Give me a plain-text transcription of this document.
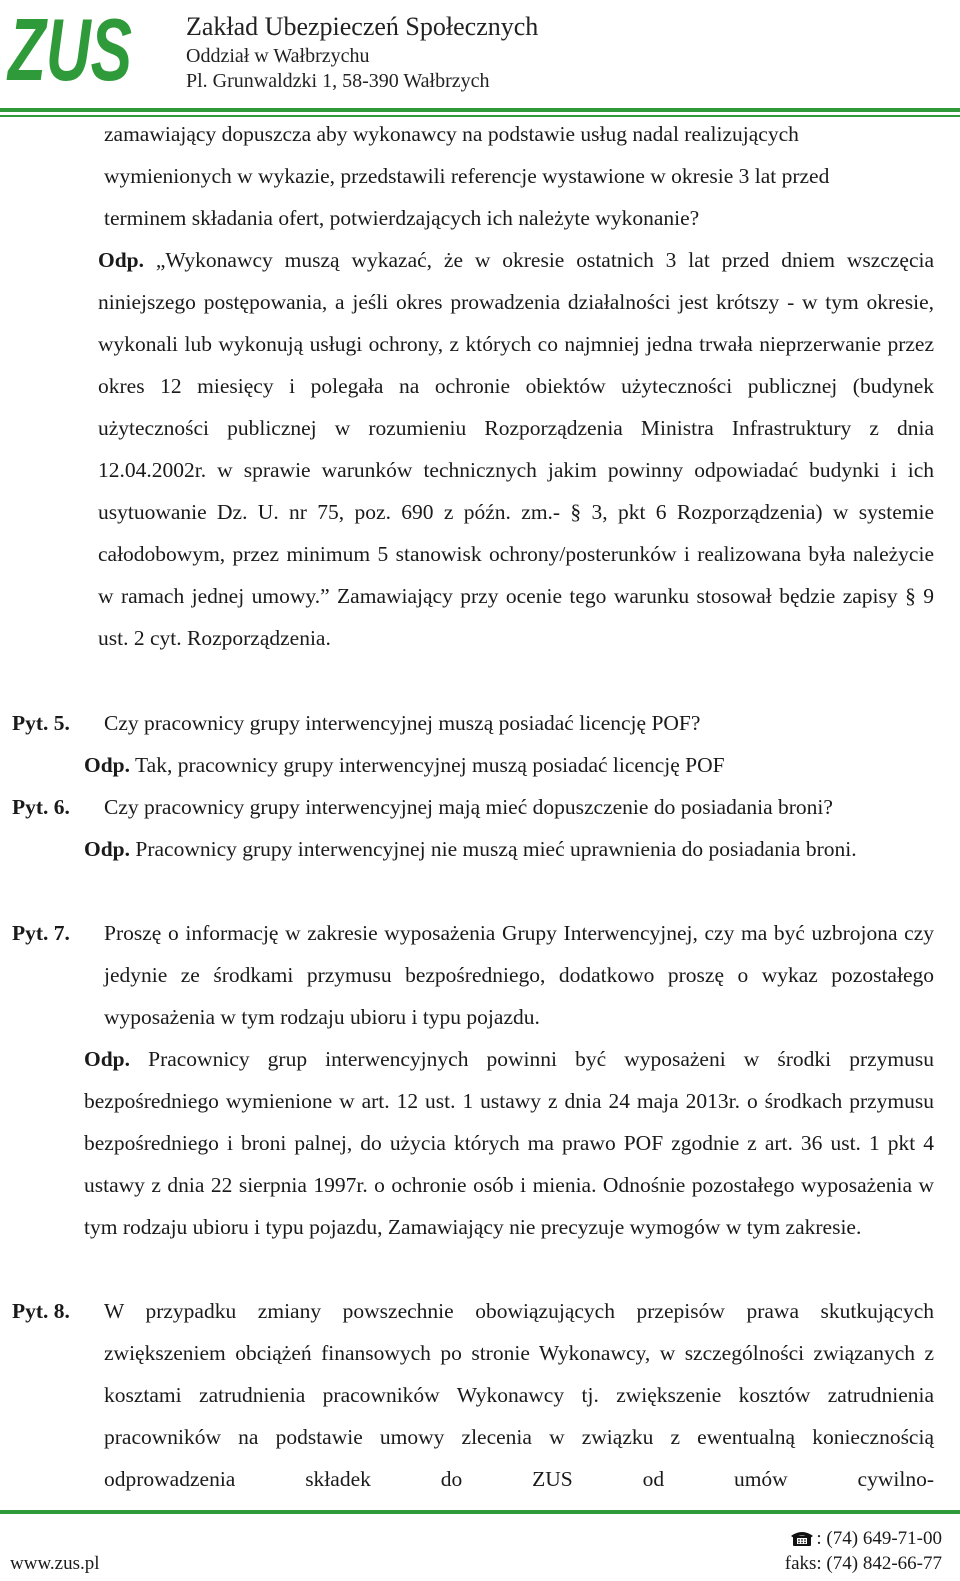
ZUS Zakład Ubezpieczeń Społecznych
Oddział w Wałbrzychu
Pl. Grunwaldzki 1, 58-390 Wałbrzych
zamawiający dopuszcza aby wykonawcy na podstawie usług nadal realizujących
wymienionych w wykazie, przedstawili referencje wystawione w okresie 3 lat przed
terminem składania ofert, potwierdzających ich należyte wykonanie?
Odp. „Wykonawcy muszą wykazać, że w okresie ostatnich 3 lat przed dniem wszczęcia niniejszego postępowania, a jeśli okres prowadzenia działalności jest krótszy - w tym okresie, wykonali lub wykonują usługi ochrony, z których co najmniej jedna trwała nieprzerwanie przez okres 12 miesięcy i polegała na ochronie obiektów użyteczności publicznej (budynek użyteczności publicznej w rozumieniu Rozporządzenia Ministra Infrastruktury z dnia 12.04.2002r. w sprawie warunków technicznych jakim powinny odpowiadać budynki i ich usytuowanie Dz. U. nr 75, poz. 690 z późn. zm.- § 3, pkt 6 Rozporządzenia) w systemie całodobowym, przez minimum 5 stanowisk ochrony/posterunków i realizowana była należycie w ramach jednej umowy.” Zamawiający przy ocenie tego warunku stosował będzie zapisy § 9 ust. 2 cyt. Rozporządzenia.
Pyt. 5. Czy pracownicy grupy interwencyjnej muszą posiadać licencję POF?
Odp. Tak, pracownicy grupy interwencyjnej muszą posiadać licencję POF
Pyt. 6. Czy pracownicy grupy interwencyjnej mają mieć dopuszczenie do posiadania broni?
Odp. Pracownicy grupy interwencyjnej nie muszą mieć uprawnienia do posiadania broni.
Pyt. 7. Proszę o informację w zakresie wyposażenia Grupy Interwencyjnej, czy ma być uzbrojona czy jedynie ze środkami przymusu bezpośredniego, dodatkowo proszę o wykaz pozostałego wyposażenia w tym rodzaju ubioru i typu pojazdu.
Odp. Pracownicy grup interwencyjnych powinni być wyposażeni w środki przymusu bezpośredniego wymienione w art. 12 ust. 1 ustawy z dnia 24 maja 2013r. o środkach przymusu bezpośredniego i broni palnej, do użycia których ma prawo POF zgodnie z art. 36 ust. 1 pkt 4 ustawy z dnia 22 sierpnia 1997r. o ochronie osób i mienia. Odnośnie pozostałego wyposażenia w tym rodzaju ubioru i typu pojazdu, Zamawiający nie precyzuje wymogów w tym zakresie.
Pyt. 8. W przypadku zmiany powszechnie obowiązujących przepisów prawa skutkujących zwiększeniem obciążeń finansowych po stronie Wykonawcy, w szczególności związanych z kosztami zatrudnienia pracowników Wykonawcy tj. zwiększenie kosztów zatrudnienia pracowników na podstawie umowy zlecenia w związku z ewentualną koniecznością odprowadzenia składek do ZUS od umów cywilno-
www.zus.pl
: (74) 649-71-00
faks: (74) 842-66-77
